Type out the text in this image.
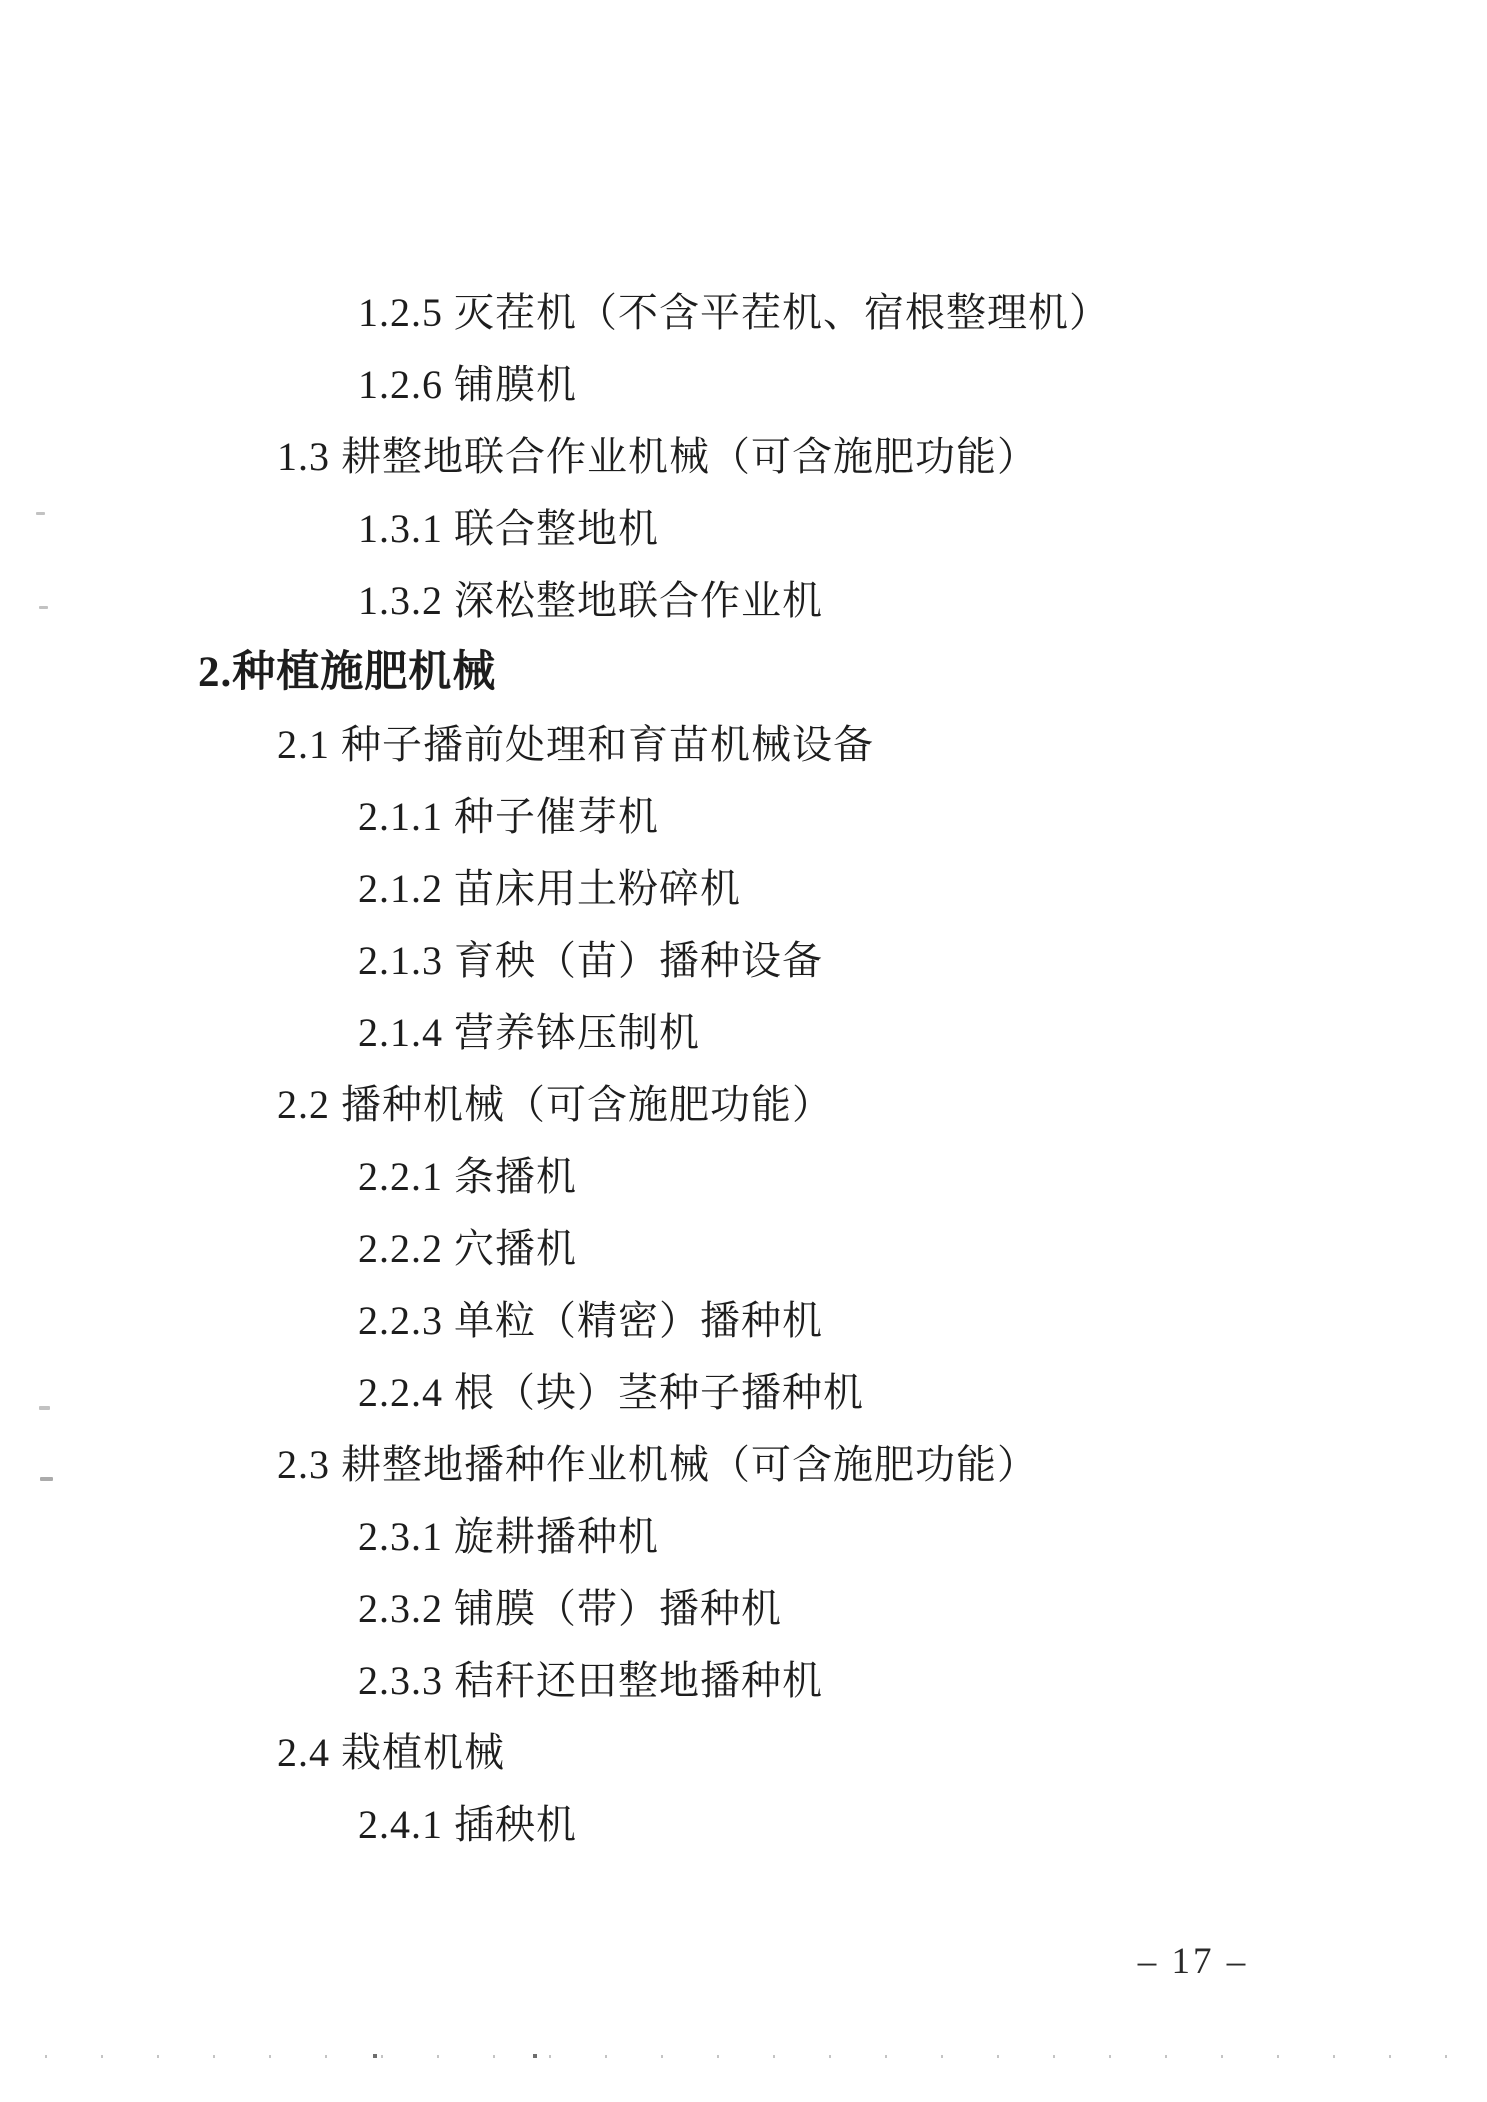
1.2.5 灭茬机（不含平茬机、宿根整理机）
1.2.6 铺膜机
1.3 耕整地联合作业机械（可含施肥功能）
1.3.1 联合整地机
1.3.2 深松整地联合作业机
2.种植施肥机械
2.1 种子播前处理和育苗机械设备
2.1.1 种子催芽机
2.1.2 苗床用土粉碎机
2.1.3 育秧（苗）播种设备
2.1.4 营养钵压制机
2.2 播种机械（可含施肥功能）
2.2.1 条播机
2.2.2 穴播机
2.2.3 单粒（精密）播种机
2.2.4 根（块）茎种子播种机
2.3 耕整地播种作业机械（可含施肥功能）
2.3.1 旋耕播种机
2.3.2 铺膜（带）播种机
2.3.3 秸秆还田整地播种机
2.4 栽植机械
2.4.1 插秧机
– 17 –
